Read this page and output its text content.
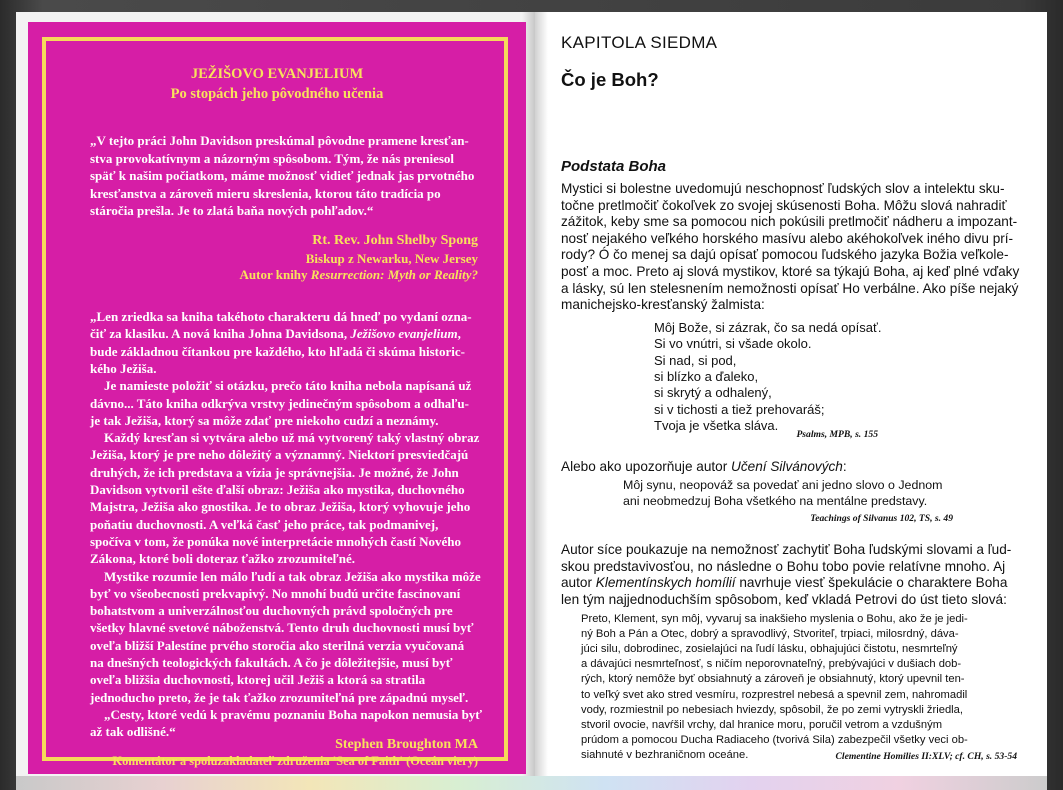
JEŽIŠOVO EVANJELIUM
Po stopách jeho pôvodného učenia
„V tejto práci John Davidson preskúmal pôvodne pramene kresťan-
stva provokatívnym a názorným spôsobom. Tým, že nás preniesol
späť k našim počiatkom, máme možnosť vidieť jednak jas prvotného
kresťanstva a zároveň mieru skreslenia, ktorou táto tradícia po
stáročia prešla. Je to zlatá baňa nových pohľadov.“
Rt. Rev. John Shelby Spong
Biskup z Newarku, New Jersey
Autor knihy Resurrection: Myth or Reality?
„Len zriedka sa kniha takéhoto charakteru dá hneď po vydaní ozna-
čiť za klasiku. A nová kniha Johna Davidsona, Ježišovo evanjelium,
bude základnou čítankou pre každého, kto hľadá či skúma historic-
kého Ježiša.
Je namieste položiť si otázku, prečo táto kniha nebola napísaná už
dávno... Táto kniha odkrýva vrstvy jedinečným spôsobom a odhaľu-
je tak Ježiša, ktorý sa môže zdať pre niekoho cudzí a neznámy.
Každý kresťan si vytvára alebo už má vytvorený taký vlastný obraz
Ježiša, ktorý je pre neho dôležitý a významný. Niektorí presviedčajú
druhých, že ich predstava a vízia je správnejšia. Je možné, že John
Davidson vytvoril ešte ďalší obraz: Ježiša ako mystika, duchovného
Majstra, Ježiša ako gnostika. Je to obraz Ježiša, ktorý vyhovuje jeho
poňatiu duchovnosti. A veľká časť jeho práce, tak podmanivej,
spočíva v tom, že ponúka nové interpretácie mnohých častí Nového
Zákona, ktoré boli doteraz ťažko zrozumiteľné.
Mystike rozumie len málo ľudí a tak obraz Ježiša ako mystika môže
byť vo všeobecnosti prekvapivý. No mnohí budú určite fascinovaní
bohatstvom a univerzálnosťou duchovných právd spoločných pre
všetky hlavné svetové náboženstvá. Tento druh duchovnosti musí byť
oveľa bližší Palestíne prvého storočia ako sterilná verzia vyučovaná
na dnešných teologických fakultách. A čo je dôležitejšie, musí byť
oveľa bližšia duchovnosti, ktorej učil Ježiš a ktorá sa stratila
jednoducho preto, že je tak ťažko zrozumiteľná pre západnú myseľ.
„Cesty, ktoré vedú k pravému poznaniu Boha napokon nemusia byť
až tak odlišné.“
Stephen Broughton MA
Komentátor a spoluzakladateľ združenia 'Sea of Faith' (Oceán viery)
KAPITOLA SIEDMA
Čo je Boh?
Podstata Boha
Mystici si bolestne uvedomujú neschopnosť ľudských slov a intelektu sku-
točne pretlmočiť čokoľvek zo svojej skúsenosti Boha. Môžu slová nahradiť
zážitok, keby sme sa pomocou nich pokúsili pretlmočiť nádheru a impozant-
nosť nejakého veľkého horského masívu alebo akéhokoľvek iného divu prí-
rody? Ó čo menej sa dajú opísať pomocou ľudského jazyka Božia veľkole-
posť a moc. Preto aj slová mystikov, ktoré sa týkajú Boha, aj keď plné vďaky
a lásky, sú len stelesnením nemožnosti opísať Ho verbálne. Ako píše nejaký
manichejsko-kresťanský žalmista:
Môj Bože, si zázrak, čo sa nedá opísať.
Si vo vnútri, si všade okolo.
Si nad, si pod,
si blízko a ďaleko,
si skrytý a odhalený,
si v tichosti a tiež prehovaráš;
Tvoja je všetka sláva.
Psalms, MPB, s. 155
Alebo ako upozorňuje autor Učení Silvánových:
Môj synu, neopováž sa povedať ani jedno slovo o Jednom
ani neobmedzuj Boha všetkého na mentálne predstavy.
Teachings of Silvanus 102, TS, s. 49
Autor síce poukazuje na nemožnosť zachytiť Boha ľudskými slovami a ľud-
skou predstavivosťou, no následne o Bohu tobo povie relatívne mnoho. Aj
autor Klementínskych homílií navrhuje viesť špekulácie o charaktere Boha
len tým najjednoduchším spôsobom, keď vkladá Petrovi do úst tieto slová:
Preto, Klement, syn môj, vyvaruj sa inakšieho myslenia o Bohu, ako že je jedi-
ný Boh a Pán a Otec, dobrý a spravodlivý, Stvoriteľ, trpiaci, milosrdný, dáva-
júci silu, dobrodinec, zosielajúci na ľudí lásku, obhajujúci čistotu, nesmrteľný
a dávajúci nesmrteľnosť, s ničím neporovnateľný, prebývajúci v dušiach dob-
rých, ktorý nemôže byť obsiahnutý a zároveň je obsiahnutý, ktorý upevnil ten-
to veľký svet ako stred vesmíru, rozprestrel nebesá a spevnil zem, nahromadil
vody, rozmiestnil po nebesiach hviezdy, spôsobil, že po zemi vytryskli žriedla,
stvoril ovocie, navŕšil vrchy, dal hranice moru, poručil vetrom a vzdušným
prúdom a pomocou Ducha Radiaceho (tvorivá Sila) zabezpečil všetky veci ob-
siahnuté v bezhraničnom oceáne.	Clementine Homilies II:XLV; cf. CH, s. 53-54
